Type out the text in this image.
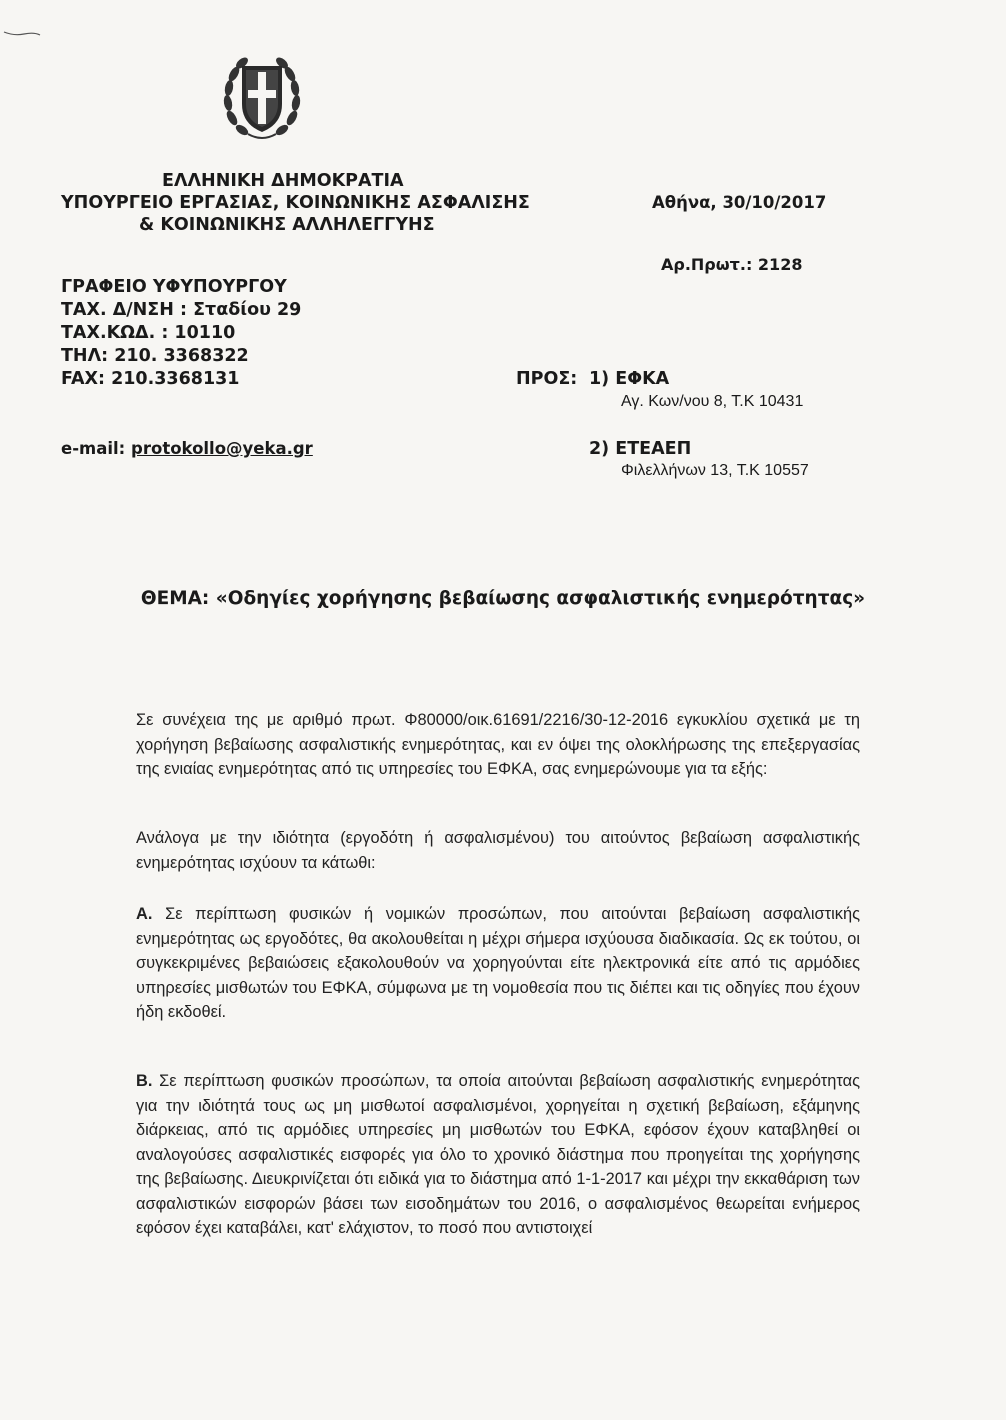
ΕΛΛΗΝΙΚΗ ΔΗΜΟΚΡΑΤΙΑ
ΥΠΟΥΡΓΕΙΟ ΕΡΓΑΣΙΑΣ, ΚΟΙΝΩΝΙΚΗΣ ΑΣΦΑΛΙΣΗΣ
& ΚΟΙΝΩΝΙΚΗΣ ΑΛΛΗΛΕΓΓΥΗΣ
Αθήνα, 30/10/2017
Αρ.Πρωτ.: 2128
ΓΡΑΦΕΙΟ ΥΦΥΠΟΥΡΓΟΥ
ΤΑΧ. Δ/ΝΣΗ : Σταδίου 29
ΤΑΧ.ΚΩΔ. : 10110
ΤΗΛ: 210. 3368322
FAX: 210.3368131
e-mail: protokollo@yeka.gr
ΠΡΟΣ: 1) ΕΦΚΑ
Αγ. Κων/νου 8, Τ.Κ 10431
2) ΕΤΕΑΕΠ
Φιλελλήνων 13, Τ.Κ 10557
ΘΕΜΑ: «Οδηγίες χορήγησης βεβαίωσης ασφαλιστικής ενημερότητας»

Σε συνέχεια της με αριθμό πρωτ. Φ80000/οικ.61691/2216/30-12-2016 εγκυκλίου σχετικά με τη χορήγηση βεβαίωσης ασφαλιστικής ενημερότητας, και εν όψει της ολοκλήρωσης της επεξεργασίας της ενιαίας ενημερότητας από τις υπηρεσίες του ΕΦΚΑ, σας ενημερώνουμε για τα εξής:

Ανάλογα με την ιδιότητα (εργοδότη ή ασφαλισμένου) του αιτούντος βεβαίωση ασφαλιστικής ενημερότητας ισχύουν τα κάτωθι:

Α. Σε περίπτωση φυσικών ή νομικών προσώπων, που αιτούνται βεβαίωση ασφαλιστικής ενημερότητας ως εργοδότες, θα ακολουθείται η μέχρι σήμερα ισχύουσα διαδικασία. Ως εκ τούτου, οι συγκεκριμένες βεβαιώσεις εξακολουθούν να χορηγούνται είτε ηλεκτρονικά είτε από τις αρμόδιες υπηρεσίες μισθωτών του ΕΦΚΑ, σύμφωνα με τη νομοθεσία που τις διέπει και τις οδηγίες που έχουν ήδη εκδοθεί.

Β. Σε περίπτωση φυσικών προσώπων, τα οποία αιτούνται βεβαίωση ασφαλιστικής ενημερότητας για την ιδιότητά τους ως μη μισθωτοί ασφαλισμένοι, χορηγείται η σχετική βεβαίωση, εξάμηνης διάρκειας, από τις αρμόδιες υπηρεσίες μη μισθωτών του ΕΦΚΑ, εφόσον έχουν καταβληθεί οι αναλογούσες ασφαλιστικές εισφορές για όλο το χρονικό διάστημα που προηγείται της χορήγησης της βεβαίωσης. Διευκρινίζεται ότι ειδικά για το διάστημα από 1-1-2017 και μέχρι την εκκαθάριση των ασφαλιστικών εισφορών βάσει των εισοδημάτων του 2016, ο ασφαλισμένος θεωρείται ενήμερος εφόσον έχει καταβάλει, κατ' ελάχιστον, το ποσό που αντιστοιχεί
